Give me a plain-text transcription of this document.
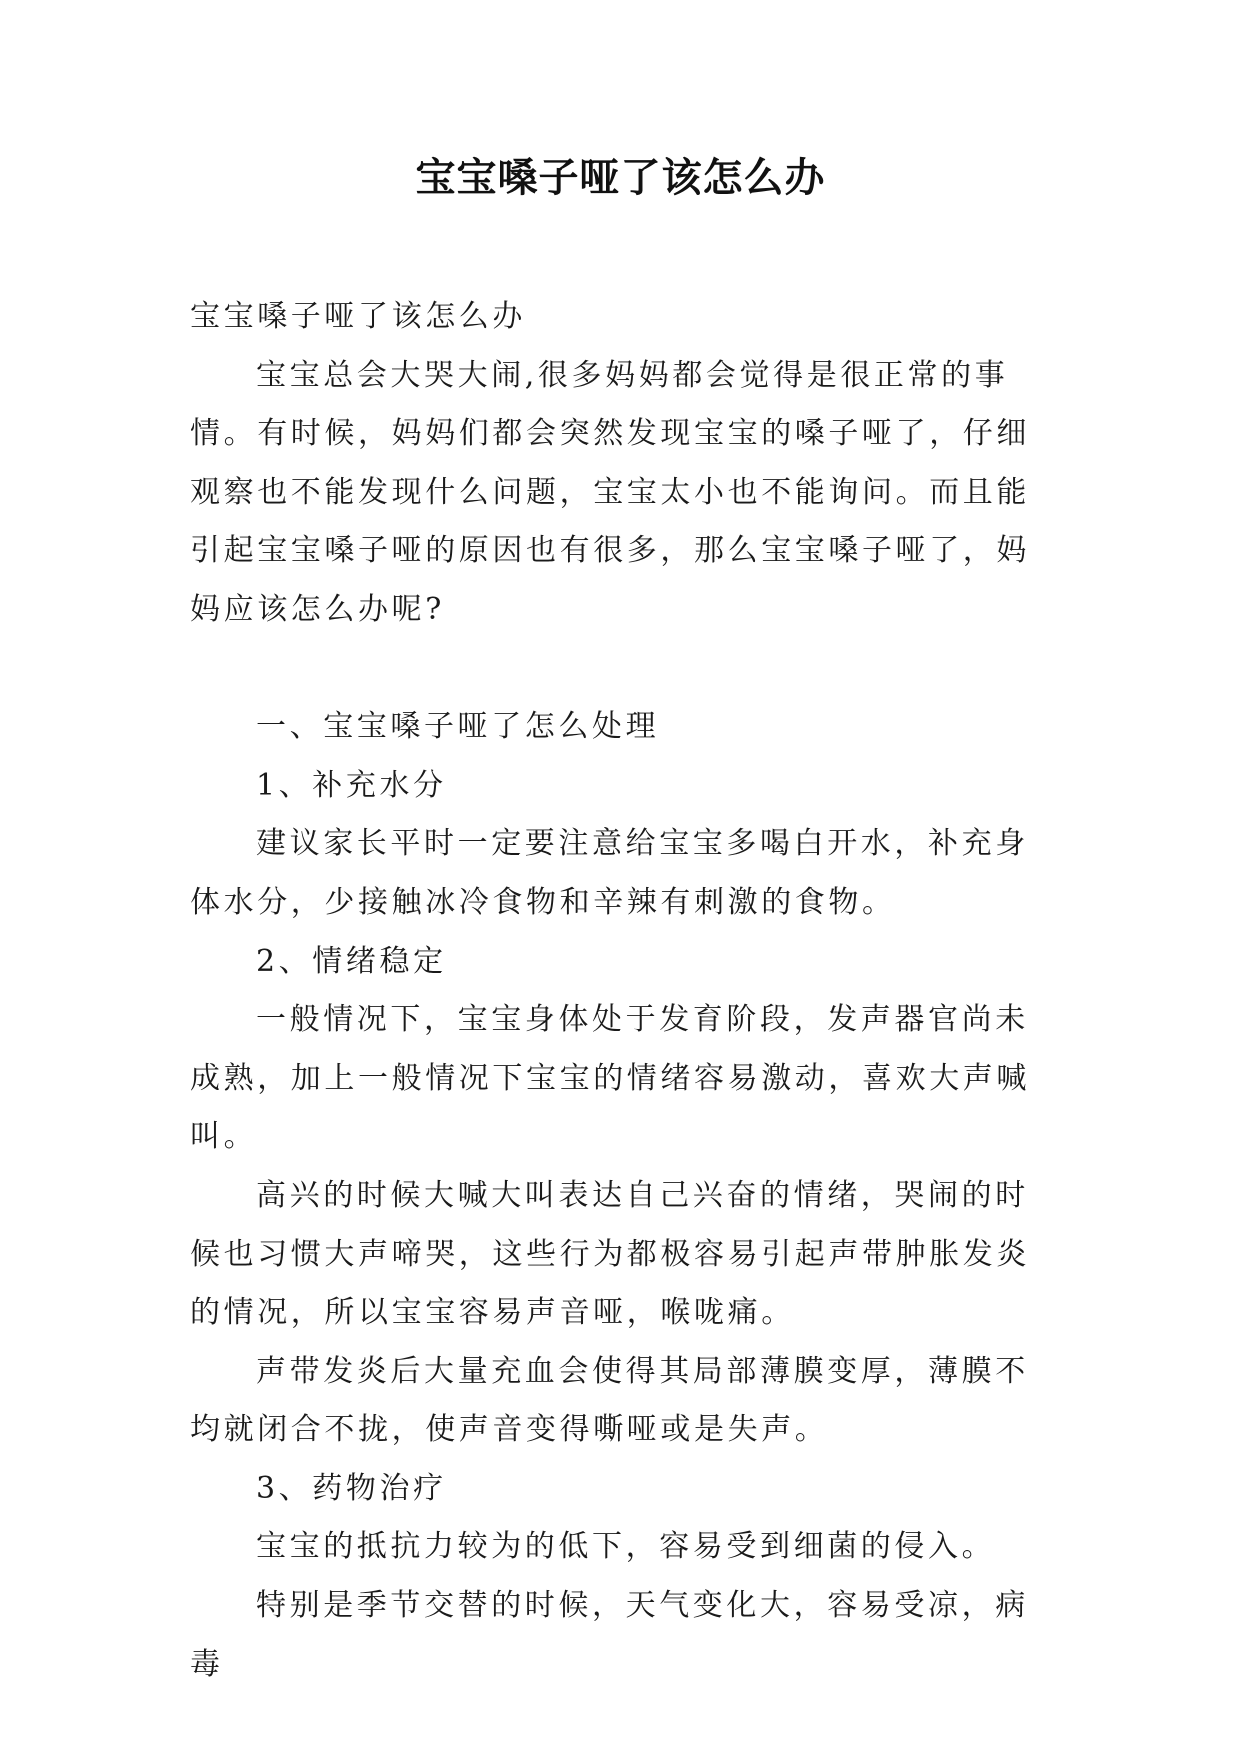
宝宝嗓子哑了该怎么办

宝宝嗓子哑了该怎么办

宝宝总会大哭大闹,很多妈妈都会觉得是很正常的事情。有时候，妈妈们都会突然发现宝宝的嗓子哑了，仔细观察也不能发现什么问题，宝宝太小也不能询问。而且能引起宝宝嗓子哑的原因也有很多，那么宝宝嗓子哑了，妈妈应该怎么办呢?

一、宝宝嗓子哑了怎么处理

1、补充水分

建议家长平时一定要注意给宝宝多喝白开水，补充身体水分，少接触冰冷食物和辛辣有刺激的食物。

2、情绪稳定

一般情况下，宝宝身体处于发育阶段，发声器官尚未成熟，加上一般情况下宝宝的情绪容易激动，喜欢大声喊叫。

高兴的时候大喊大叫表达自己兴奋的情绪，哭闹的时候也习惯大声啼哭，这些行为都极容易引起声带肿胀发炎的情况，所以宝宝容易声音哑，喉咙痛。

声带发炎后大量充血会使得其局部薄膜变厚，薄膜不均就闭合不拢，使声音变得嘶哑或是失声。

3、药物治疗

宝宝的抵抗力较为的低下，容易受到细菌的侵入。

特别是季节交替的时候，天气变化大，容易受凉，病毒
